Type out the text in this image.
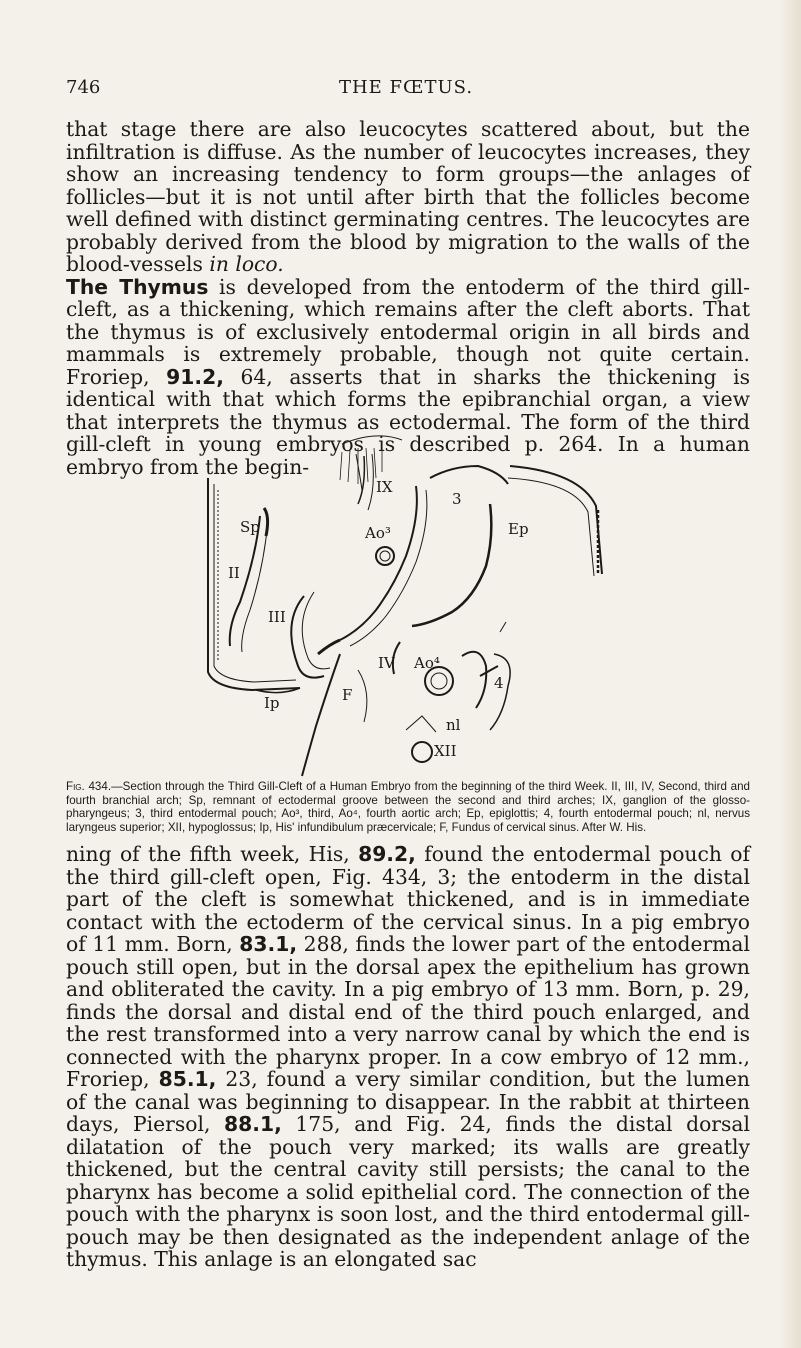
746	THE FŒTUS.

that stage there are also leucocytes scattered about, but the infiltration is diffuse. As the number of leucocytes increases, they show an increasing tendency to form groups—the anlages of follicles—but it is not until after birth that the follicles become well defined with distinct germinating centres. The leucocytes are probably derived from the blood by migration to the walls of the blood-vessels in loco.
The Thymus is developed from the entoderm of the third gill-cleft, as a thickening, which remains after the cleft aborts. That the thymus is of exclusively entodermal origin in all birds and mammals is extremely probable, though not quite certain. Froriep, 91.2, 64, asserts that in sharks the thickening is identical with that which forms the epibranchial organ, a view that interprets the thymus as ectodermal. The form of the third gill-cleft in young embryos is described p. 264. In a human embryo from the begin-

IX
Sp	Ao³
3
Ep
II
III
IV Ao⁴
4
Ip	F
nl
XII
Fig. 434.—Section through the Third Gill-Cleft of a Human Embryo from the beginning of the third Week. II, III, IV, Second, third and fourth branchial arch; Sp, remnant of ectodermal groove between the second and third arches; IX, ganglion of the glosso-pharyngeus; 3, third entodermal pouch; Ao³, third, Ao⁴, fourth aortic arch; Ep, epiglottis; 4, fourth entodermal pouch; nl, nervus laryngeus superior; XII, hypoglossus; Ip, His' infundibulum præcervicale; F, Fundus of cervical sinus. After W. His.

ning of the fifth week, His, 89.2, found the entodermal pouch of the third gill-cleft open, Fig. 434, 3; the entoderm in the distal part of the cleft is somewhat thickened, and is in immediate contact with the ectoderm of the cervical sinus. In a pig embryo of 11 mm. Born, 83.1, 288, finds the lower part of the entodermal pouch still open, but in the dorsal apex the epithelium has grown and obliterated the cavity. In a pig embryo of 13 mm. Born, p. 29, finds the dorsal and distal end of the third pouch enlarged, and the rest transformed into a very narrow canal by which the end is connected with the pharynx proper. In a cow embryo of 12 mm., Froriep, 85.1, 23, found a very similar condition, but the lumen of the canal was beginning to disappear. In the rabbit at thirteen days, Piersol, 88.1, 175, and Fig. 24, finds the distal dorsal dilatation of the pouch very marked; its walls are greatly thickened, but the central cavity still persists; the canal to the pharynx has become a solid epithelial cord. The connection of the pouch with the pharynx is soon lost, and the third entodermal gill-pouch may be then designated as the independent anlage of the thymus. This anlage is an elongated sac
